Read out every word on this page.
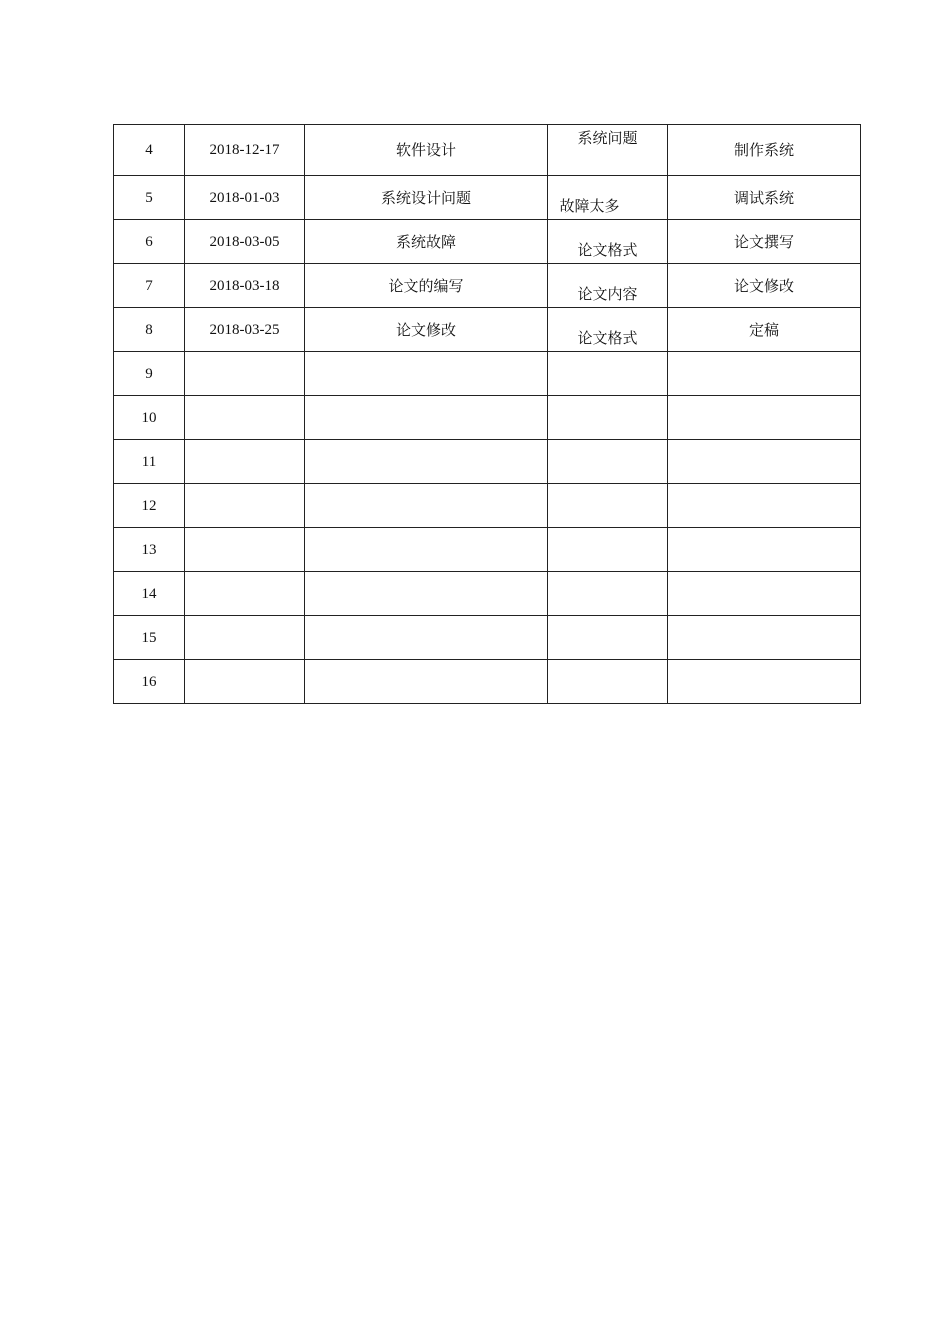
4	2018-12-17	软件设计	系统问题	制作系统
5	2018-01-03	系统设计问题	故障太多	调试系统
6	2018-03-05	系统故障	论文格式	论文撰写
7	2018-03-18	论文的编写	论文内容	论文修改
8	2018-03-25	论文修改	论文格式	定稿
9				
10				
11				
12				
13				
14				
15				
16				
